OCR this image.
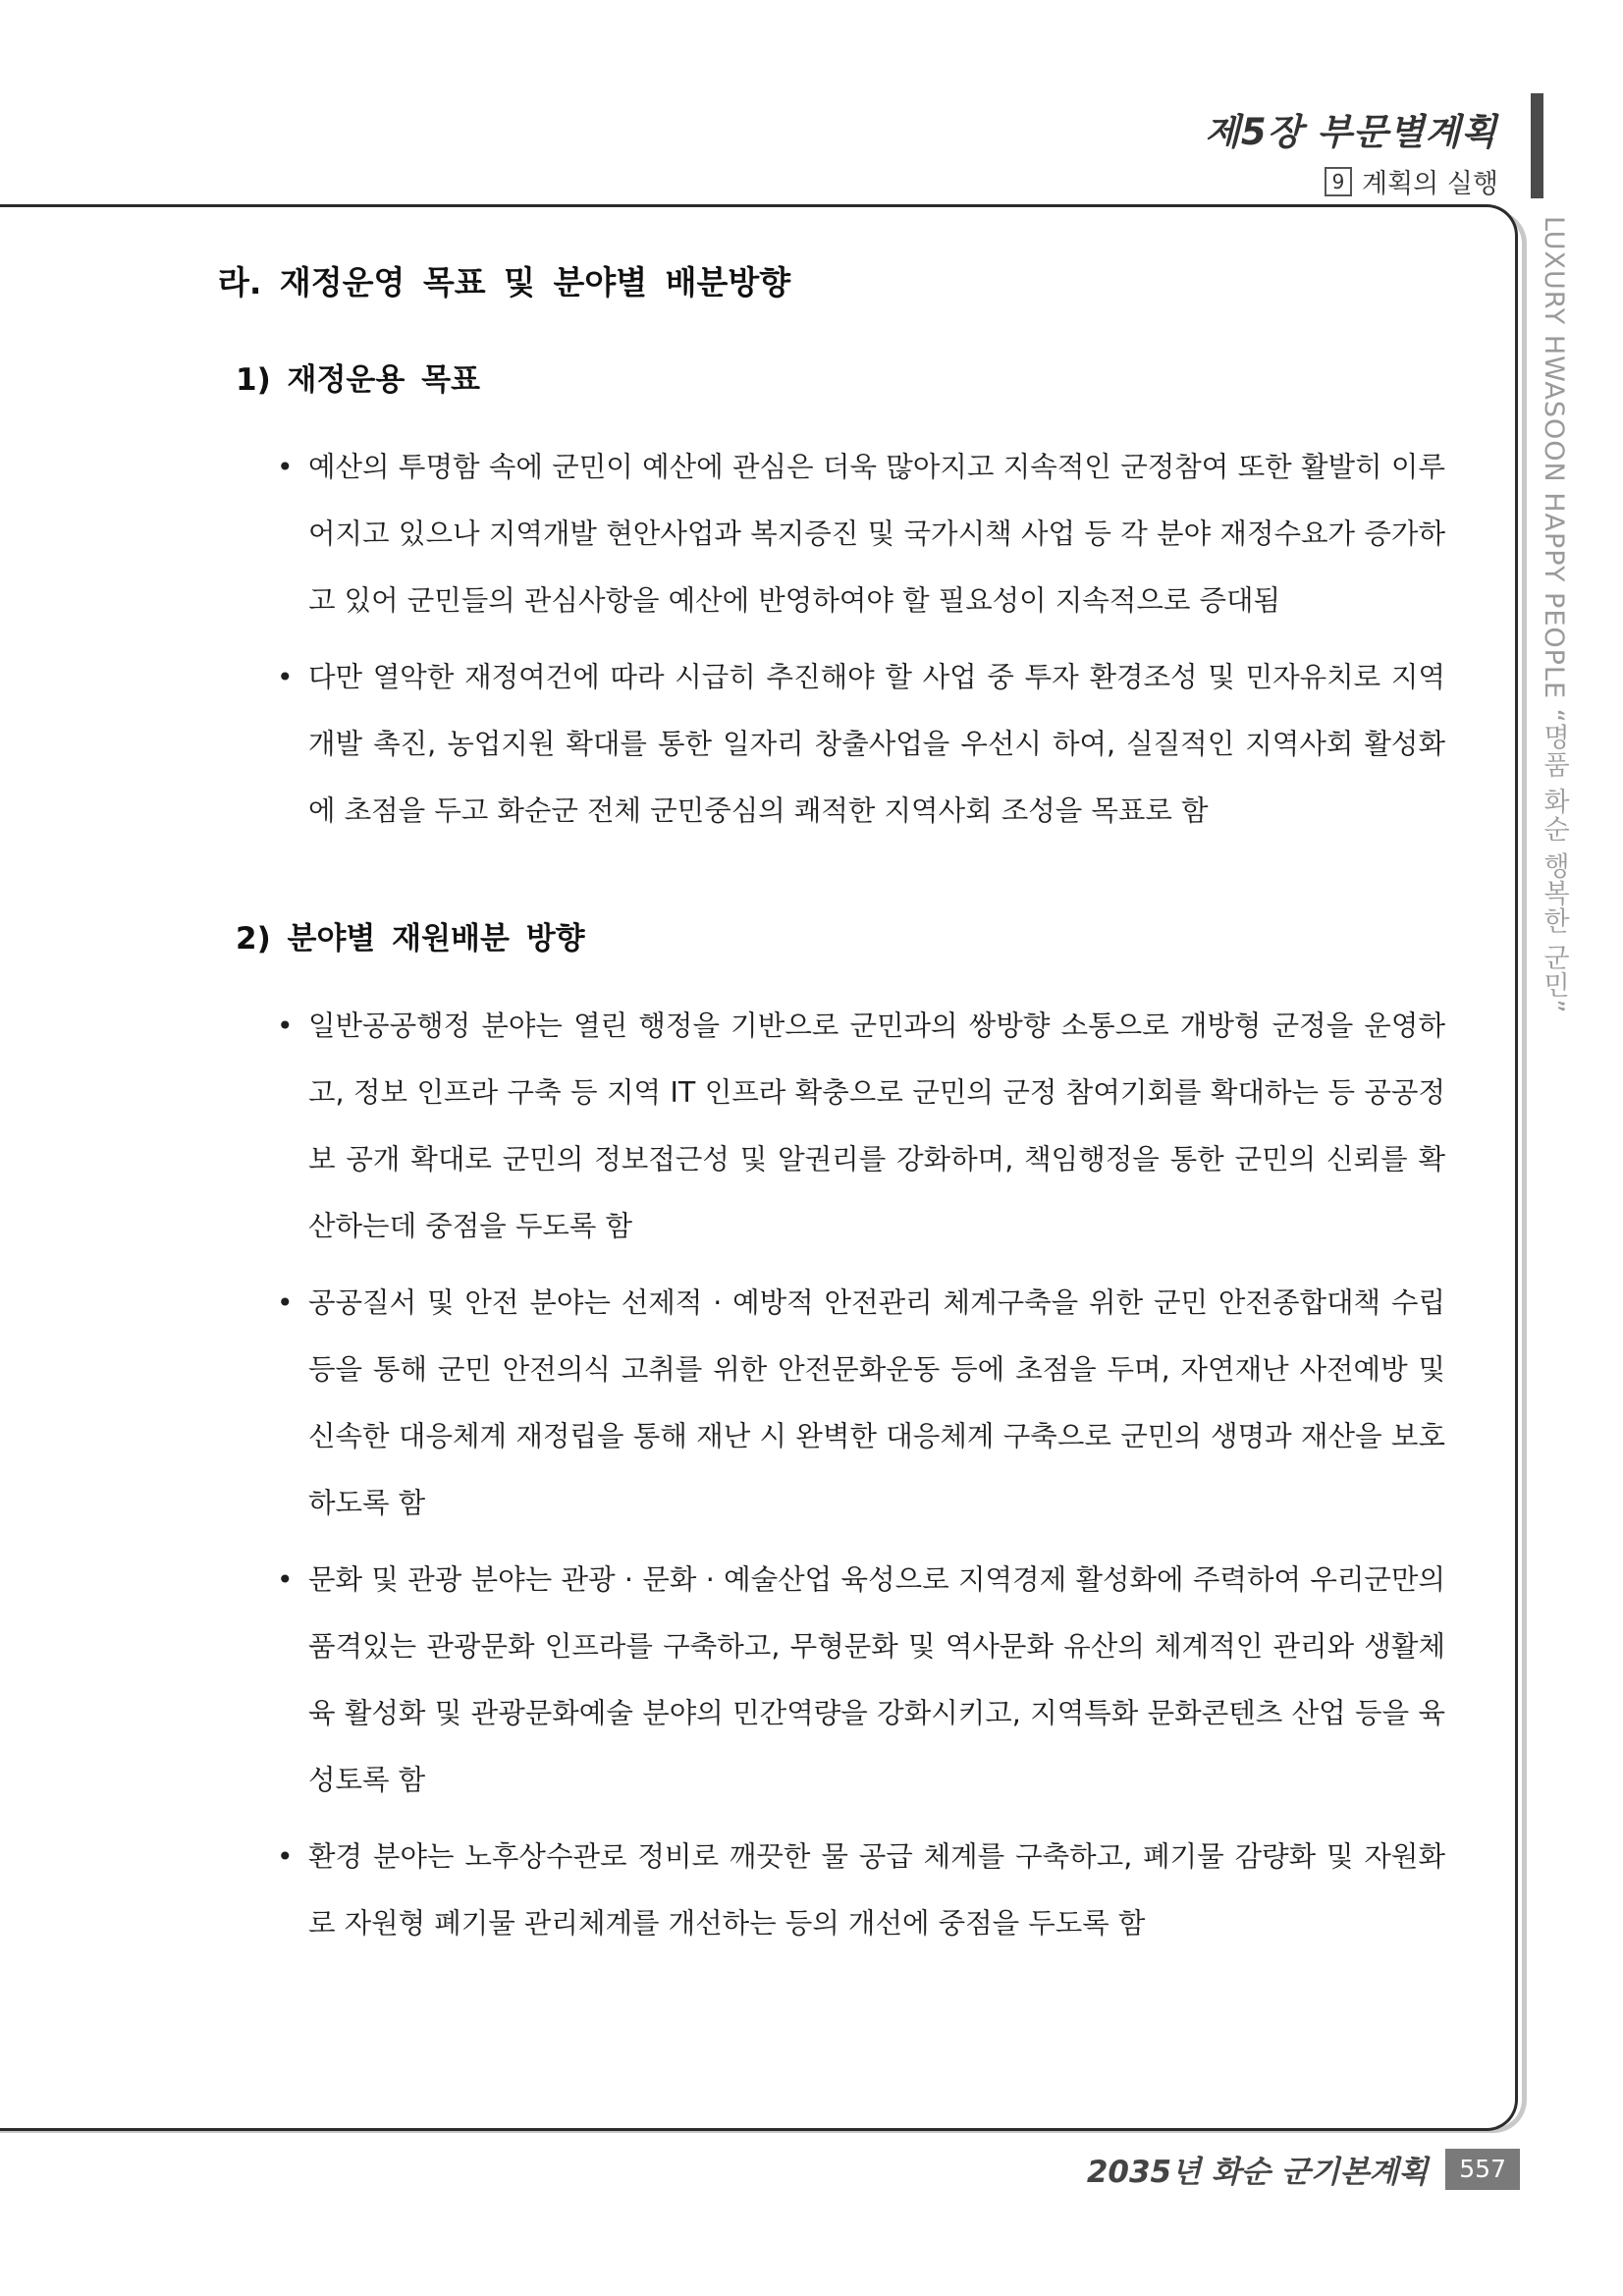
제5장 부문별계획
9 계획의 실행
LUXURY HWASOON HAPPY PEOPLE “명품 화순 행복한 군민”
라. 재정운영 목표 및 분야별 배분방향
1) 재정운용 목표
• 예산의 투명함 속에 군민이 예산에 관심은 더욱 많아지고 지속적인 군정참여 또한 활발히 이루어지고 있으나 지역개발 현안사업과 복지증진 및 국가시책 사업 등 각 분야 재정수요가 증가하고 있어 군민들의 관심사항을 예산에 반영하여야 할 필요성이 지속적으로 증대됨
• 다만 열악한 재정여건에 따라 시급히 추진해야 할 사업 중 투자 환경조성 및 민자유치로 지역개발 촉진, 농업지원 확대를 통한 일자리 창출사업을 우선시 하여, 실질적인 지역사회 활성화에 초점을 두고 화순군 전체 군민중심의 쾌적한 지역사회 조성을 목표로 함
2) 분야별 재원배분 방향
• 일반공공행정 분야는 열린 행정을 기반으로 군민과의 쌍방향 소통으로 개방형 군정을 운영하고, 정보 인프라 구축 등 지역 IT 인프라 확충으로 군민의 군정 참여기회를 확대하는 등 공공정보 공개 확대로 군민의 정보접근성 및 알권리를 강화하며, 책임행정을 통한 군민의 신뢰를 확산하는데 중점을 두도록 함
• 공공질서 및 안전 분야는 선제적 · 예방적 안전관리 체계구축을 위한 군민 안전종합대책 수립 등을 통해 군민 안전의식 고취를 위한 안전문화운동 등에 초점을 두며, 자연재난 사전예방 및 신속한 대응체계 재정립을 통해 재난 시 완벽한 대응체계 구축으로 군민의 생명과 재산을 보호하도록 함
• 문화 및 관광 분야는 관광 · 문화 · 예술산업 육성으로 지역경제 활성화에 주력하여 우리군만의 품격있는 관광문화 인프라를 구축하고, 무형문화 및 역사문화 유산의 체계적인 관리와 생활체육 활성화 및 관광문화예술 분야의 민간역량을 강화시키고, 지역특화 문화콘텐츠 산업 등을 육성토록 함
• 환경 분야는 노후상수관로 정비로 깨끗한 물 공급 체계를 구축하고, 폐기물 감량화 및 자원화로 자원형 폐기물 관리체계를 개선하는 등의 개선에 중점을 두도록 함
2035년 화순 군기본계획	557
